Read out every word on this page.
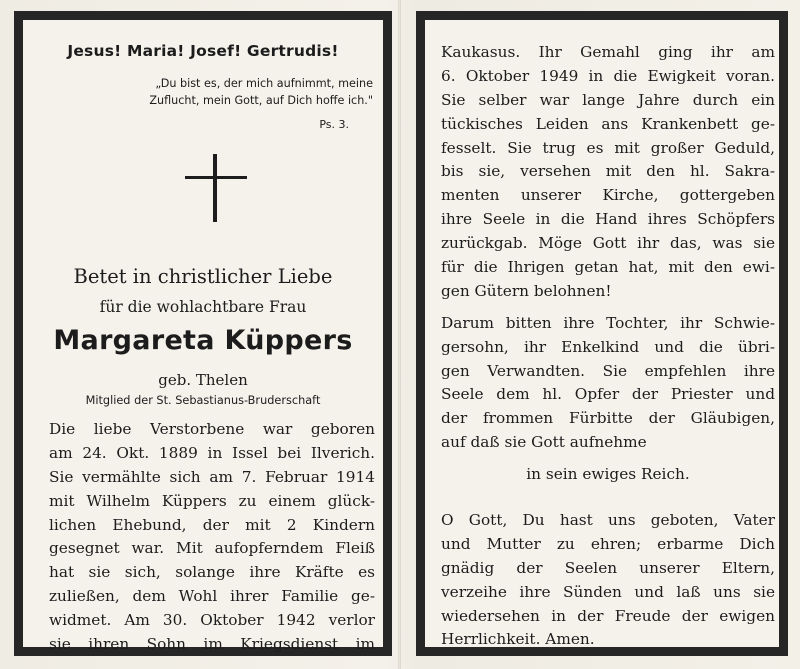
Jesus! Maria! Josef! Gertrudis!
„Du bist es, der mich aufnimmt, meine
Zuflucht, mein Gott, auf Dich hoffe ich."
Ps. 3.
Betet in christlicher Liebe
für die wohlachtbare Frau
Margareta Küppers
geb. Thelen
Mitglied der St. Sebastianus-Bruderschaft
Die liebe Verstorbene war geboren
am 24. Okt. 1889 in Issel bei Ilverich.
Sie vermählte sich am 7. Februar 1914
mit Wilhelm Küppers zu einem glück-
lichen Ehebund, der mit 2 Kindern
gesegnet war. Mit aufopferndem Fleiß
hat sie sich, solange ihre Kräfte es
zuließen, dem Wohl ihrer Familie ge-
widmet. Am 30. Oktober 1942 verlor
sie ihren Sohn im Kriegsdienst im
Kaukasus. Ihr Gemahl ging ihr am
6. Oktober 1949 in die Ewigkeit voran.
Sie selber war lange Jahre durch ein
tückisches Leiden ans Krankenbett ge-
fesselt. Sie trug es mit großer Geduld,
bis sie, versehen mit den hl. Sakra-
menten unserer Kirche, gottergeben
ihre Seele in die Hand ihres Schöpfers
zurückgab. Möge Gott ihr das, was sie
für die Ihrigen getan hat, mit den ewi-
gen Gütern belohnen!
Darum bitten ihre Tochter, ihr Schwie-
gersohn, ihr Enkelkind und die übri-
gen Verwandten. Sie empfehlen ihre
Seele dem hl. Opfer der Priester und
der frommen Fürbitte der Gläubigen,
auf daß sie Gott aufnehme
in sein ewiges Reich.
O Gott, Du hast uns geboten, Vater
und Mutter zu ehren; erbarme Dich
gnädig der Seelen unserer Eltern,
verzeihe ihre Sünden und laß uns sie
wiedersehen in der Freude der ewigen
Herrlichkeit. Amen.
